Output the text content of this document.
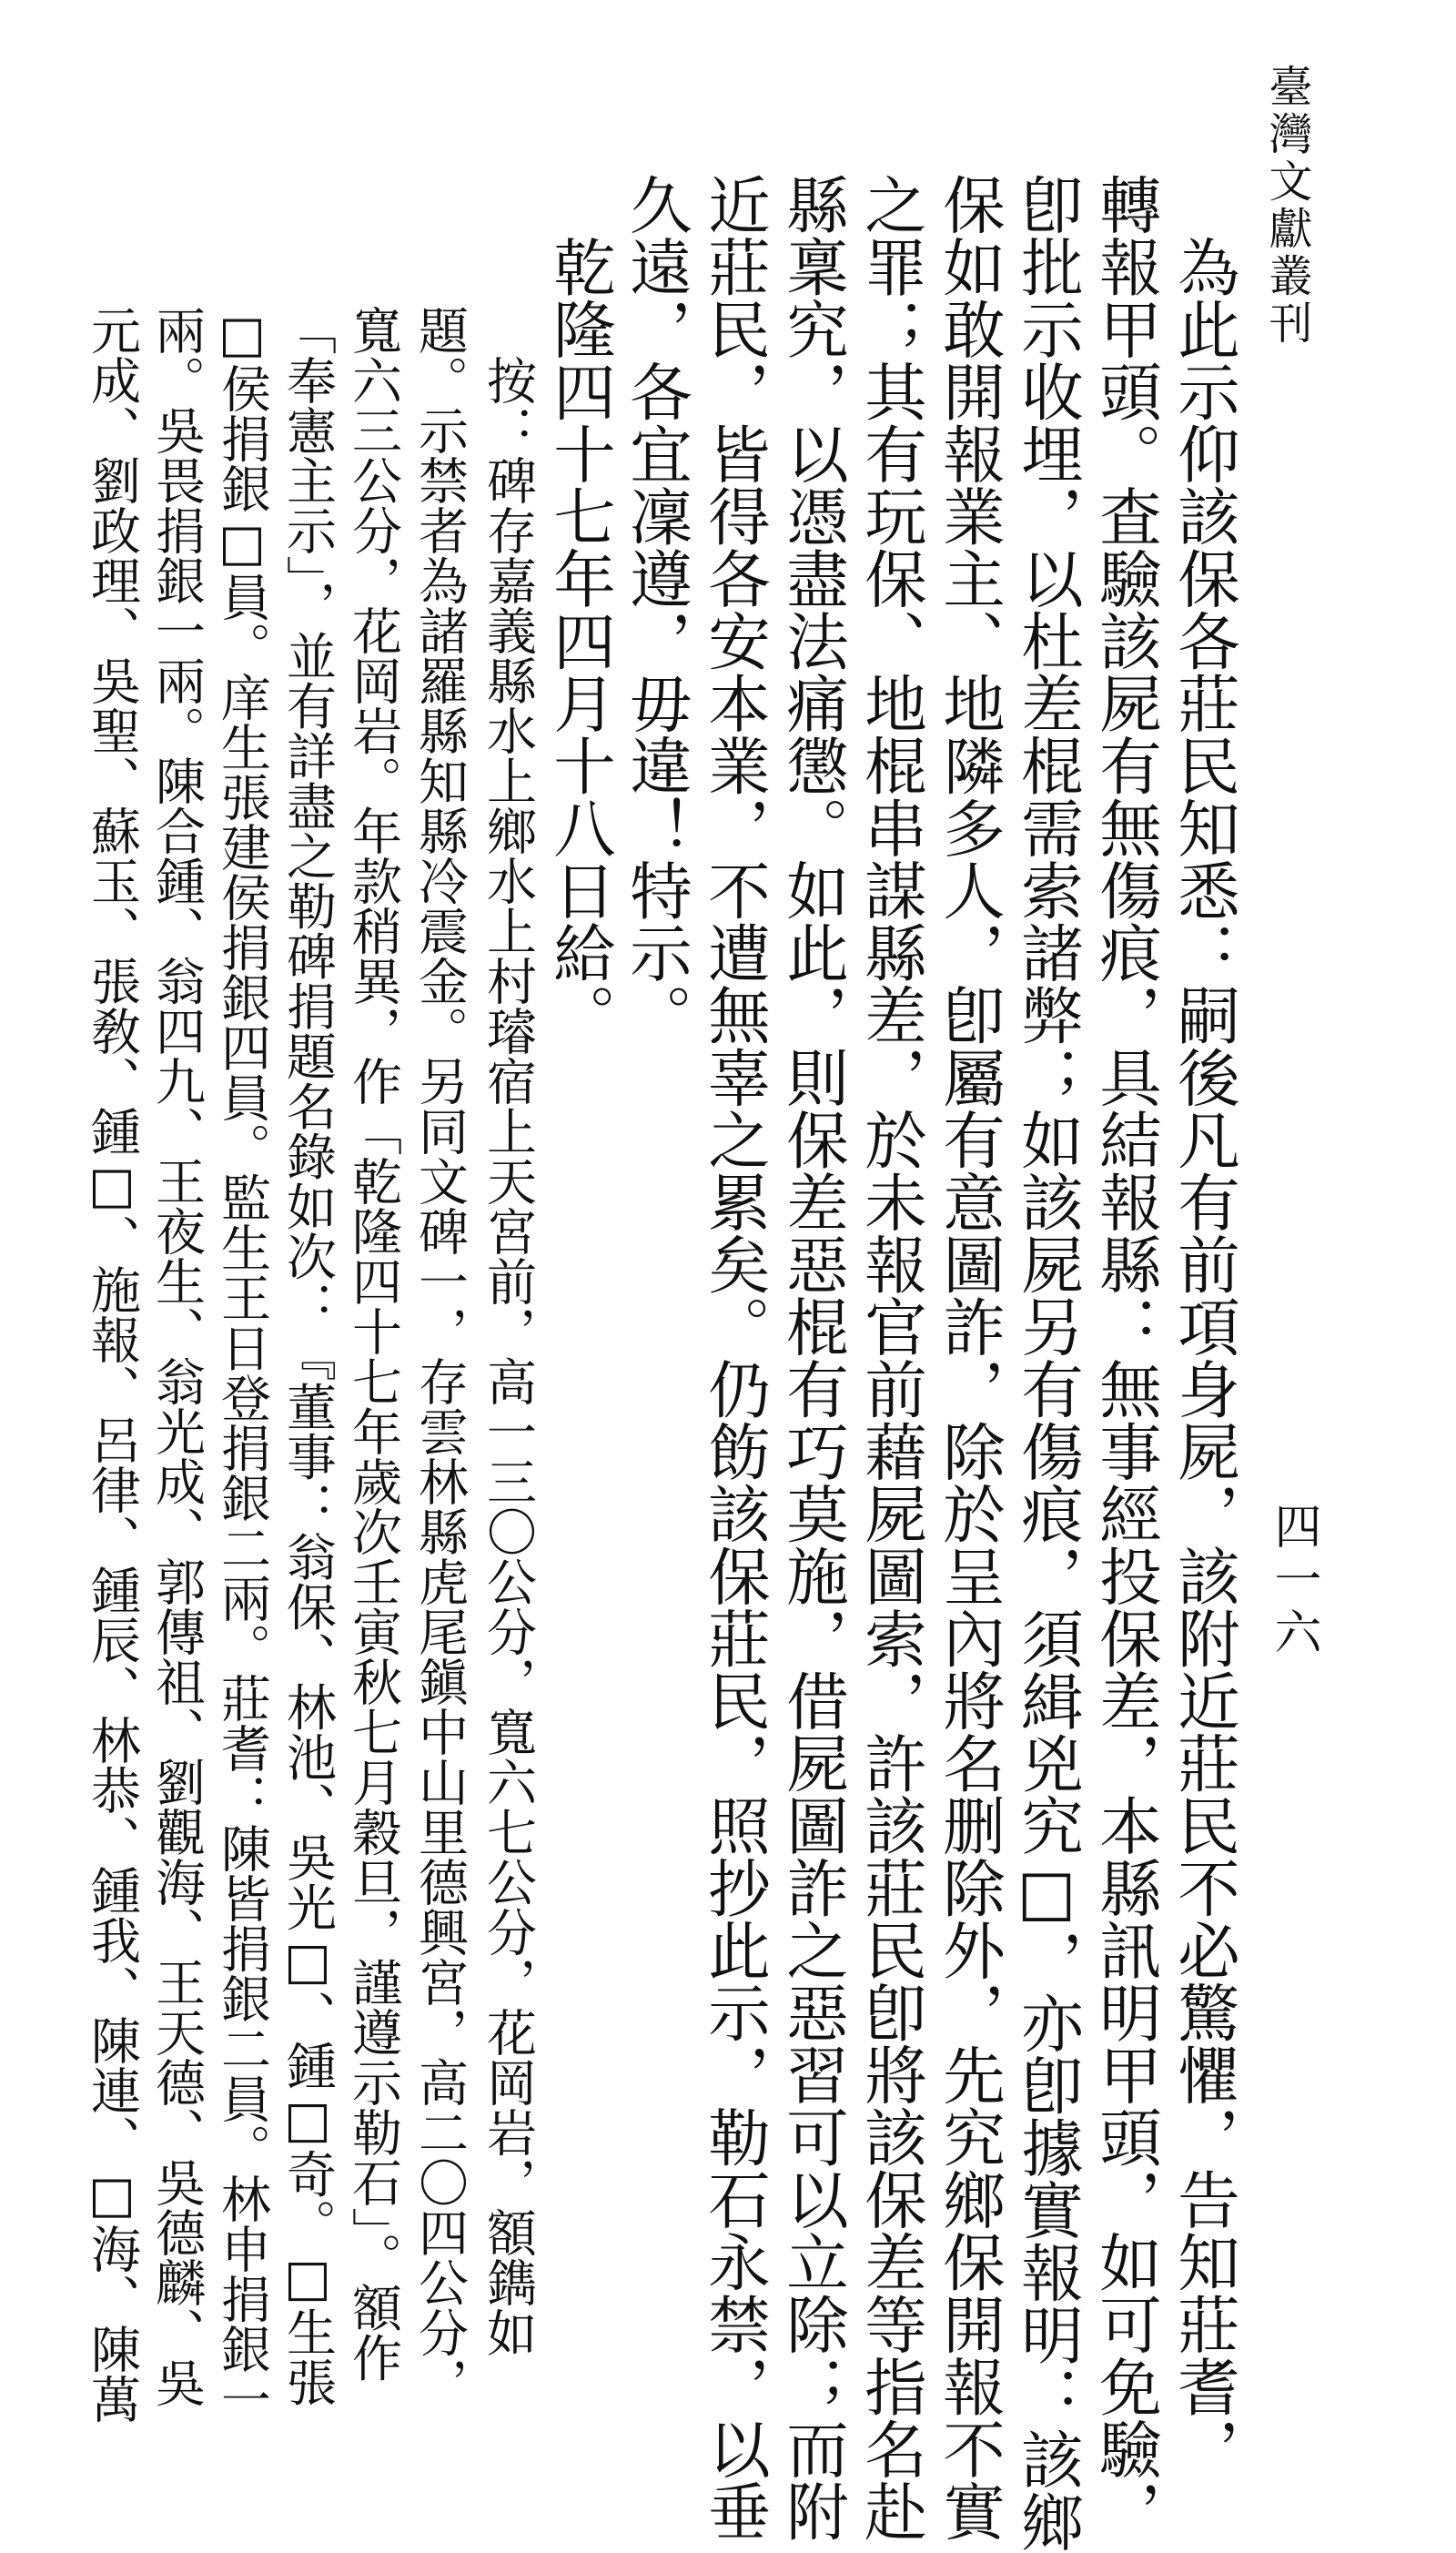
臺灣文獻叢刊
四一六
　為此示仰該保各莊民知悉：嗣後凡有前項身屍，該附近莊民不必驚懼，告知莊耆，
轉報甲頭。査驗該屍有無傷痕，具結報縣：無事經投保差，本縣訊明甲頭，如可免驗，
卽批示收埋，以杜差棍需索諸弊；如該屍另有傷痕，須緝兇究□，亦卽據實報明：該鄉
保如敢開報業主、地隣多人，卽屬有意圖詐，除於呈內將名删除外，先究鄉保開報不實
之罪；其有玩保、地棍串謀縣差，於未報官前藉屍圖索，許該莊民卽將該保差等指名赴
縣稟究，以憑盡法痛懲。如此，則保差惡棍有巧莫施，借屍圖詐之惡習可以立除；而附
近莊民，皆得各安本業，不遭無辜之累矣。仍飭該保莊民，照抄此示，勒石永禁，以垂
久遠，各宜凜遵，毋違！特示。
　乾隆四十七年四月十八日給。
　按：碑存嘉義縣水上鄉水上村璿宿上天宮前，高一三〇公分，寬六七公分，花岡岩，額鐫如
題。示禁者為諸羅縣知縣冷震金。另同文碑一，存雲林縣虎尾鎭中山里德興宮，高二〇四公分，
寬六三公分，花岡岩。年款稍異，作「乾隆四十七年歲次壬寅秋七月穀旦，謹遵示勒石」。額作
「奉憲主示」，並有詳盡之勒碑捐題名錄如次：『董事：翁保、林池、吳光□、鍾□奇。□生張
□侯捐銀□員。庠生張建侯捐銀四員。監生王日登捐銀二兩。莊耆：陳皆捐銀二員。林申捐銀一
兩。吳畏捐銀一兩。陳合鍾、翁四九、王夜生、翁光成、郭傳祖、劉觀海、王天德、吳德麟、吳
元成、劉政理、吳聖、蘇玉、張敎、鍾□、施報、呂律、鍾辰、林恭、鍾我、陳連、□海、陳萬
